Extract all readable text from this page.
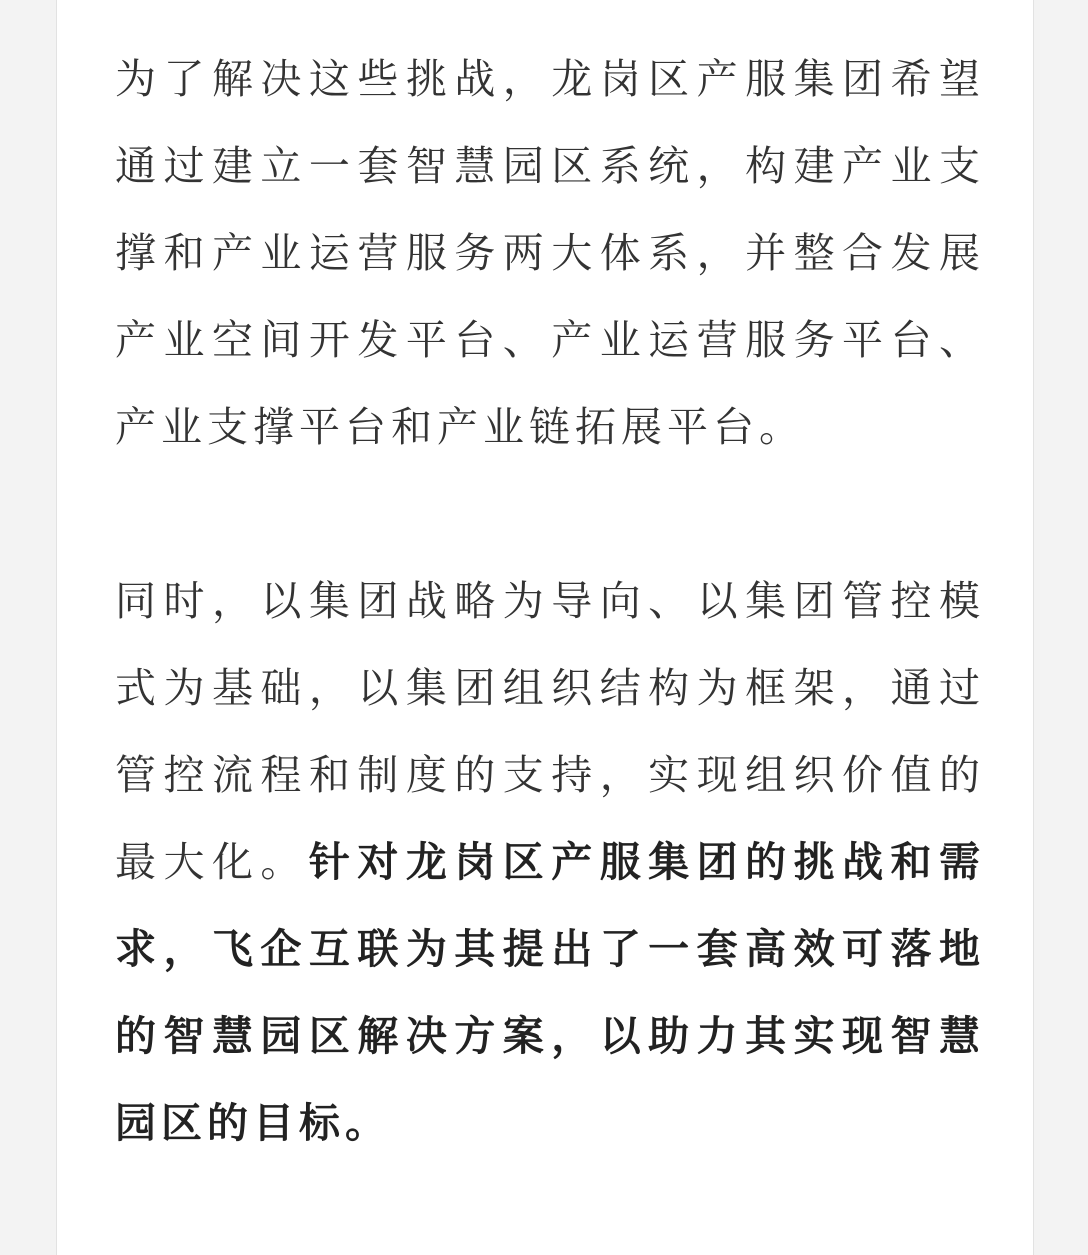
为了解决这些挑战，龙岗区产服集团希望通过建立一套智慧园区系统，构建产业支撑和产业运营服务两大体系，并整合发展产业空间开发平台、产业运营服务平台、产业支撑平台和产业链拓展平台。

同时，以集团战略为导向、以集团管控模式为基础，以集团组织结构为框架，通过管控流程和制度的支持，实现组织价值的最大化。针对龙岗区产服集团的挑战和需求，飞企互联为其提出了一套高效可落地的智慧园区解决方案，以助力其实现智慧园区的目标。
